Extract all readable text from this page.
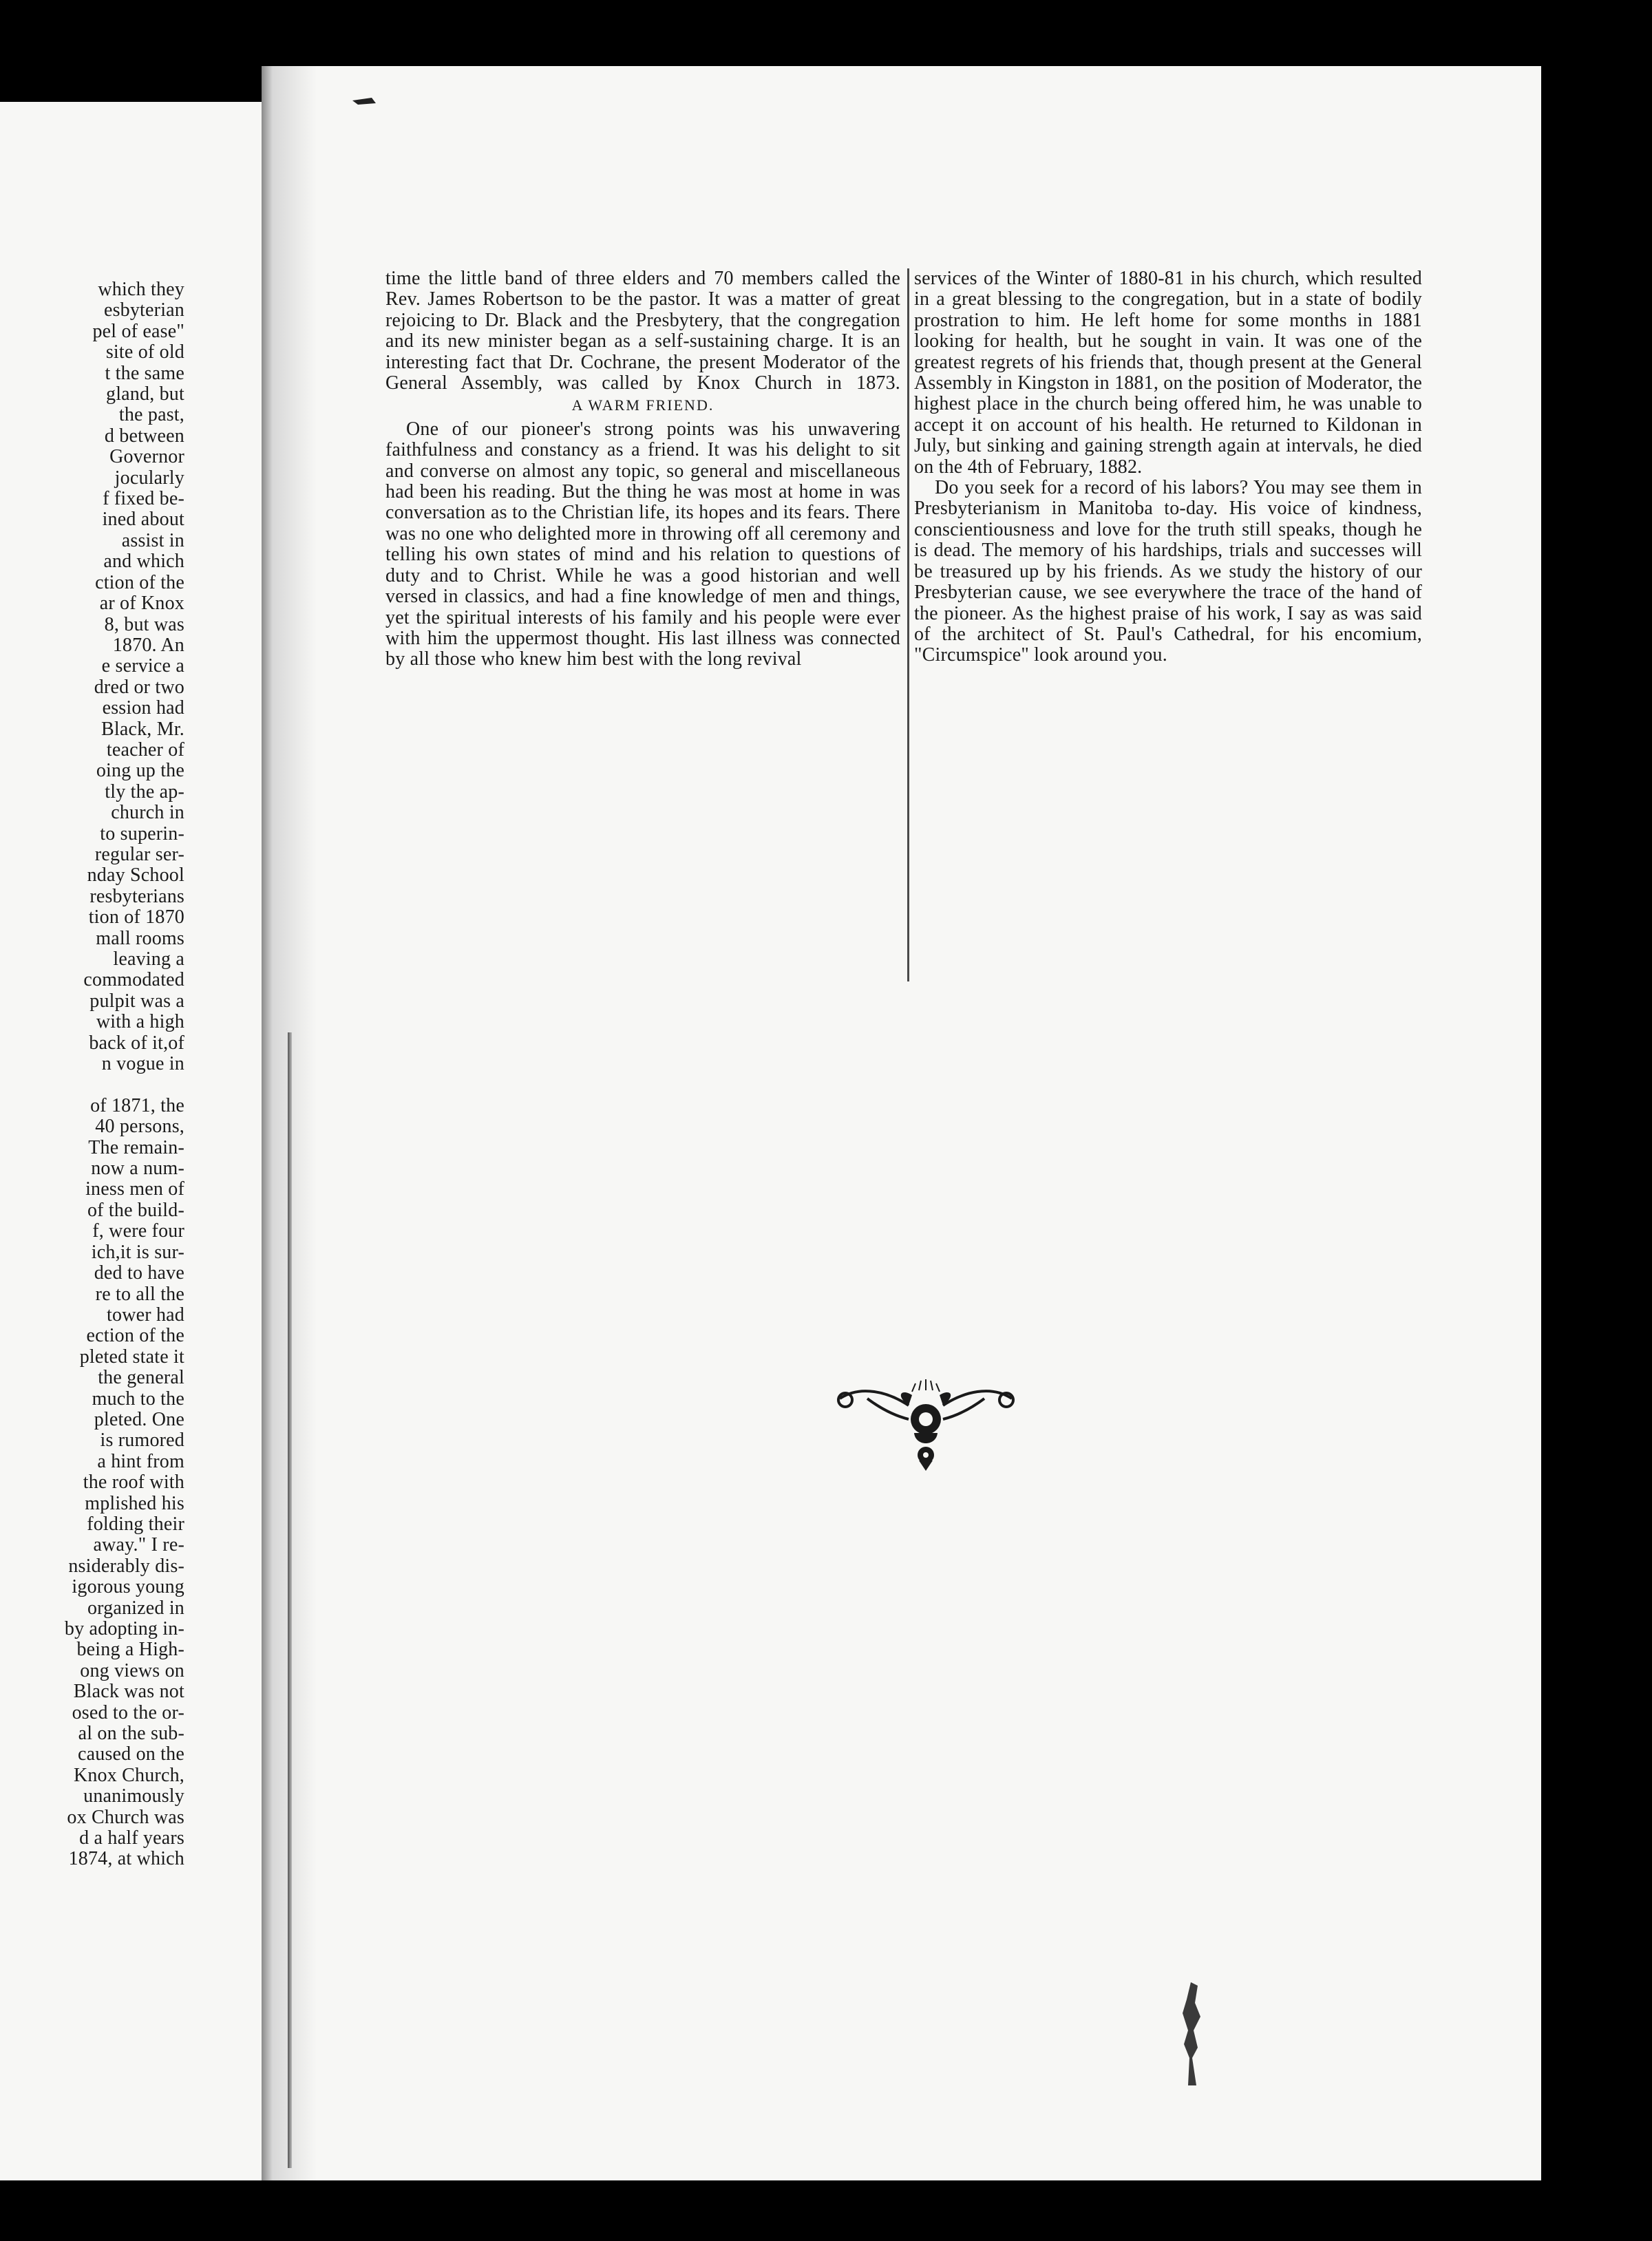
which they
esbyterian
pel of ease"
site of old
t the same
gland, but
the past,
d between
Governor
jocularly
f fixed be-
ined about
assist in
and which
ction of the
ar of Knox
8, but was
1870. An
e service a
dred or two
ession had
Black, Mr.
teacher of
oing up the
tly the ap-
church in
to superin-
regular ser-
nday School
resbyterians
tion of 1870
mall rooms
leaving a
commodated
pulpit was a
with a high
back of it,of
n vogue in

of 1871, the
40 persons,
The remain-
now a num-
iness men of
of the build-
f, were four
ich,it is sur-
ded to have
re to all the
tower had
ection of the
pleted state it
the general
much to the
pleted. One
is rumored
a hint from
the roof with
mplished his
folding their
away." I re-
nsiderably dis-
igorous young
organized in
by adopting in-
being a High-
ong views on
Black was not
osed to the or-
al on the sub-
caused on the
Knox Church,
unanimously
ox Church was
d a half years
1874, at which

time the little band of three elders and 70 members called the Rev. James Robertson to be the pastor. It was a matter of great rejoicing to Dr. Black and the Presbytery, that the congregation and its new minister began as a self-sustaining charge. It is an interesting fact that Dr. Cochrane, the present Moderator of the General Assembly, was called by Knox Church in 1873.

A WARM FRIEND.

One of our pioneer's strong points was his unwavering faithfulness and constancy as a friend. It was his delight to sit and converse on almost any topic, so general and miscellaneous had been his reading. But the thing he was most at home in was conversation as to the Christian life, its hopes and its fears. There was no one who delighted more in throwing off all ceremony and telling his own states of mind and his relation to questions of duty and to Christ. While he was a good historian and well versed in classics, and had a fine knowledge of men and things, yet the spiritual interests of his family and his people were ever with him the uppermost thought. His last illness was connected by all those who knew him best with the long revival

services of the Winter of 1880-81 in his church, which resulted in a great blessing to the congregation, but in a state of bodily prostration to him. He left home for some months in 1881 looking for health, but he sought in vain. It was one of the greatest regrets of his friends that, though present at the General Assembly in Kingston in 1881, on the position of Moderator, the highest place in the church being offered him, he was unable to accept it on account of his health. He returned to Kildonan in July, but sinking and gaining strength again at intervals, he died on the 4th of February, 1882.

Do you seek for a record of his labors? You may see them in Presbyterianism in Manitoba to-day. His voice of kindness, conscientiousness and love for the truth still speaks, though he is dead. The memory of his hardships, trials and successes will be treasured up by his friends. As we study the history of our Presbyterian cause, we see everywhere the trace of the hand of the pioneer. As the highest praise of his work, I say as was said of the architect of St. Paul's Cathedral, for his encomium, "Circumspice" look around you.
